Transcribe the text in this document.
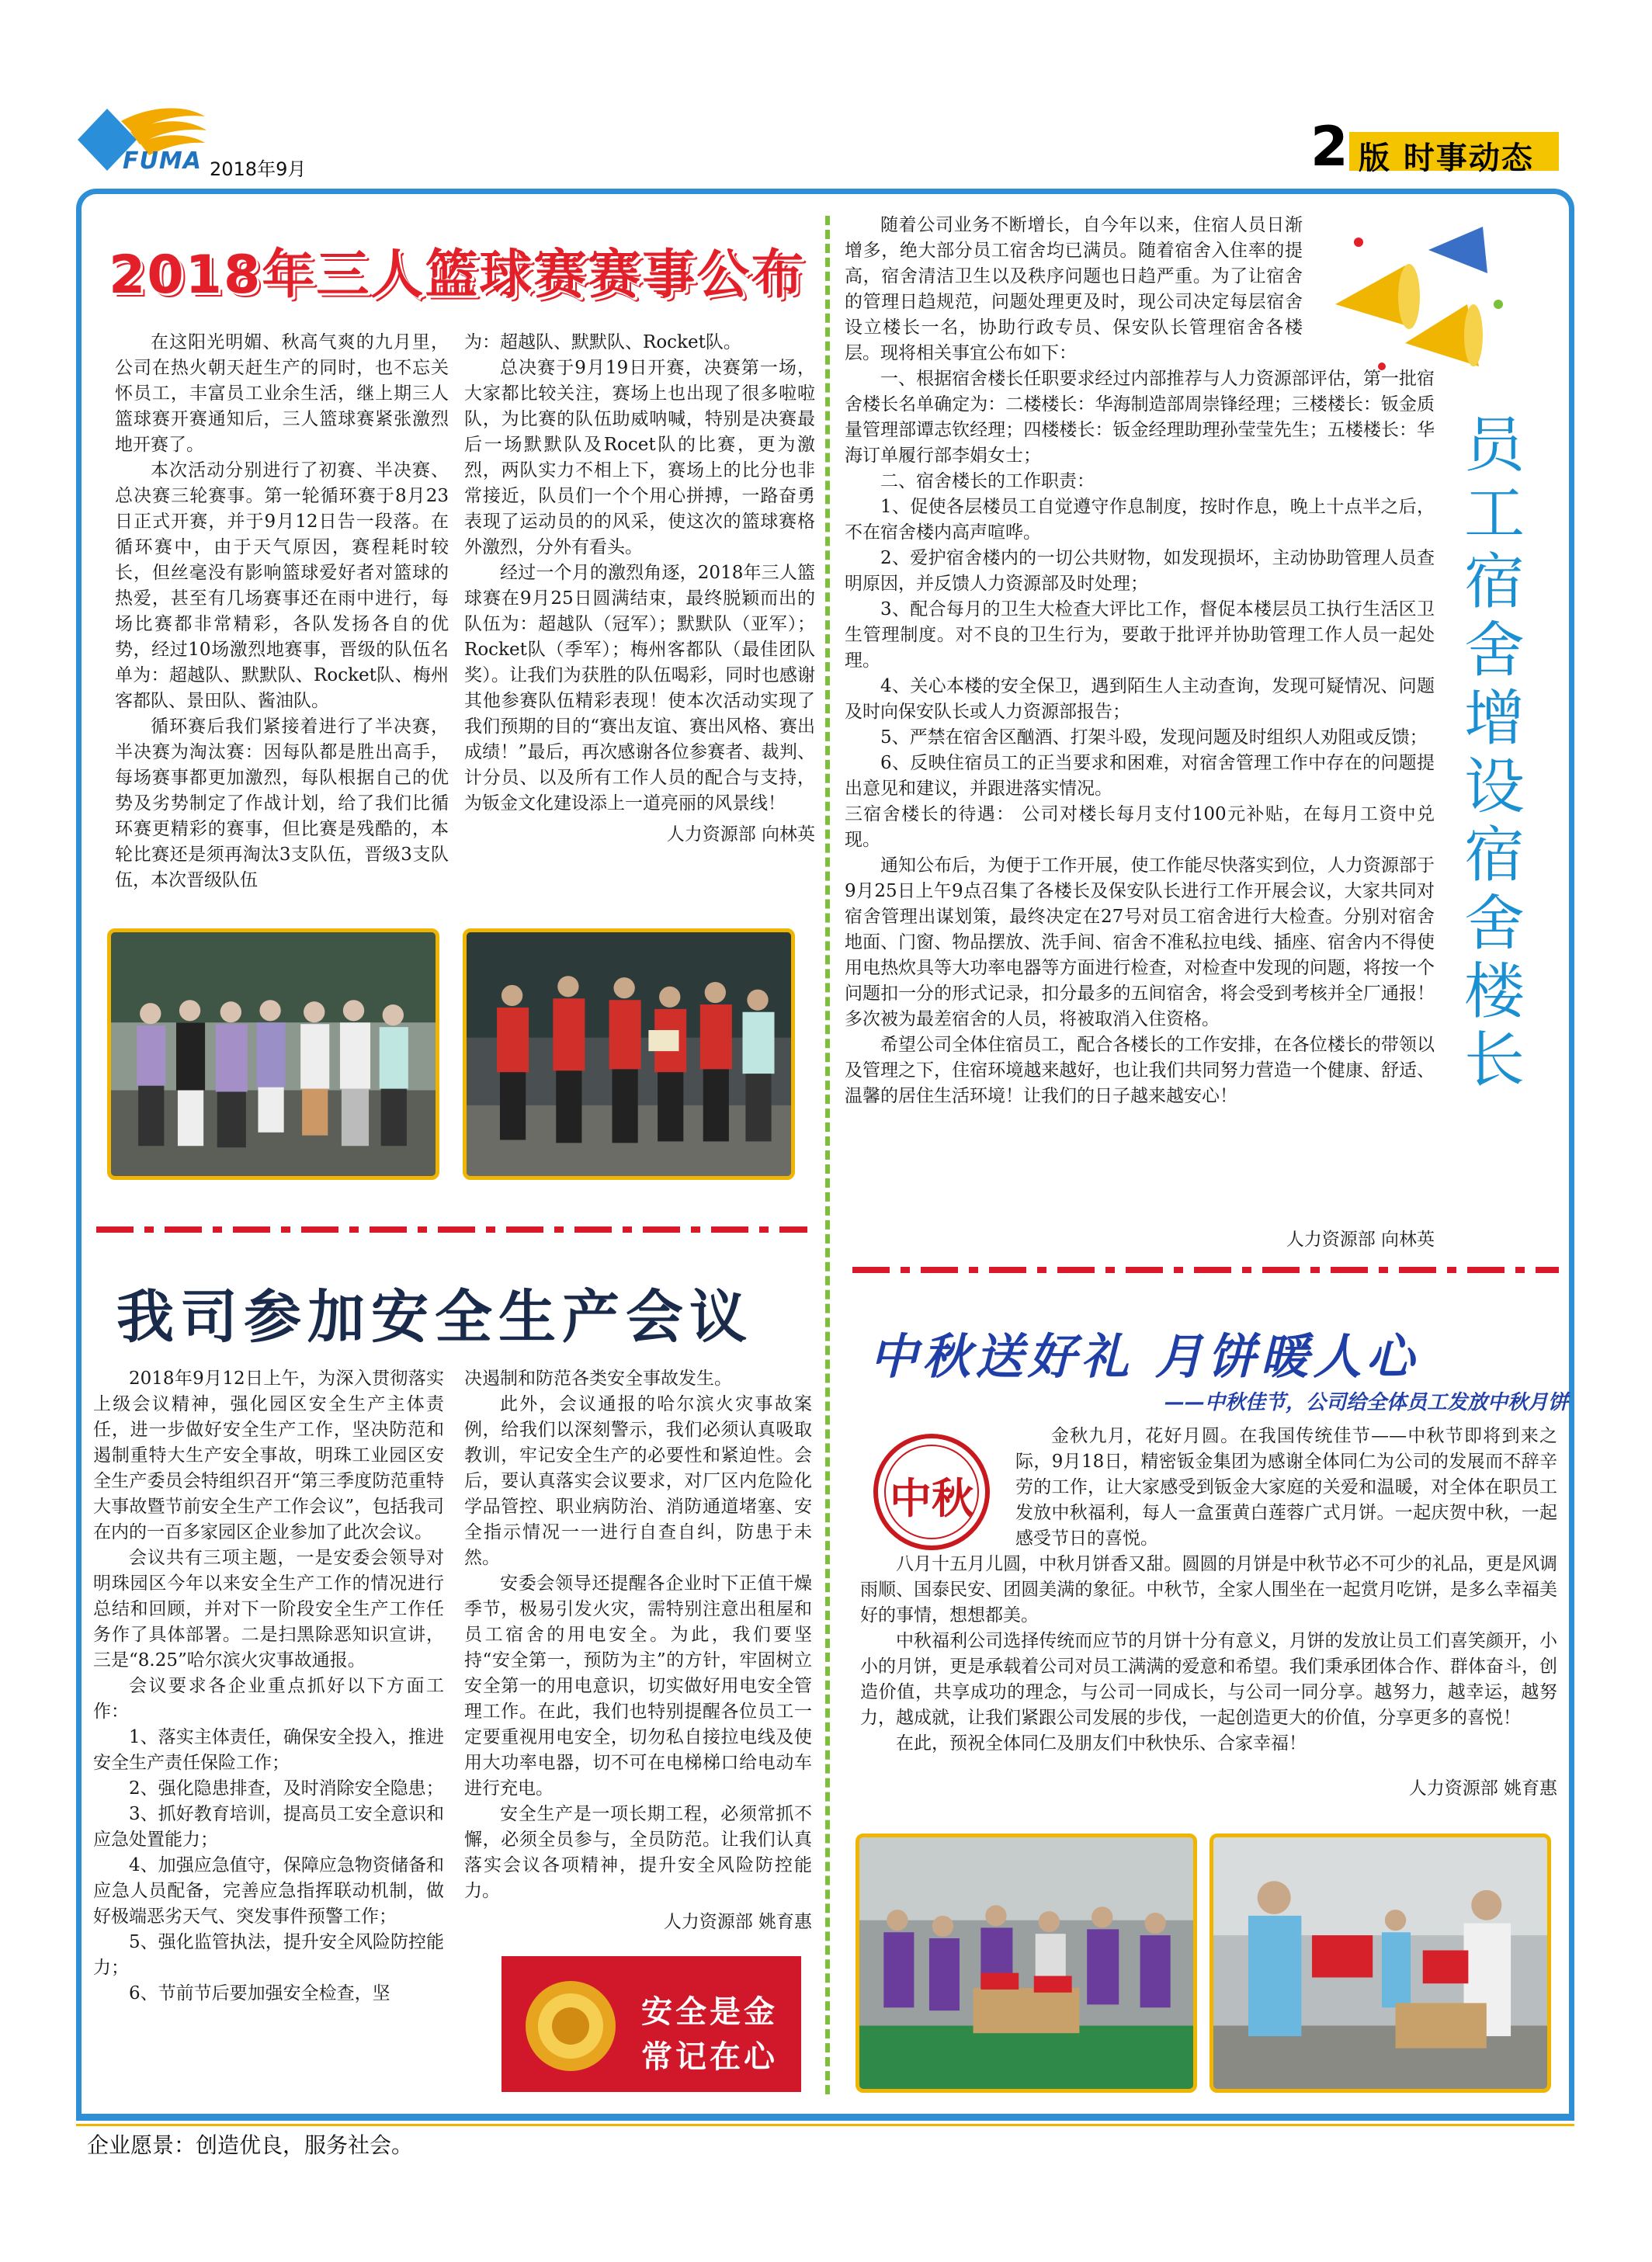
FUMA 2018年9月	2 版 时事动态
2018年三人篮球赛赛事公布

在这阳光明媚、秋高气爽的九月里，公司在热火朝天赶生产的同时，也不忘关怀员工，丰富员工业余生活，继上期三人篮球赛开赛通知后，三人篮球赛紧张激烈地开赛了。

本次活动分别进行了初赛、半决赛、总决赛三轮赛事。第一轮循环赛于8月23日正式开赛，并于9月12日告一段落。在循环赛中，由于天气原因，赛程耗时较长，但丝毫没有影响篮球爱好者对篮球的热爱，甚至有几场赛事还在雨中进行，每场比赛都非常精彩，各队发扬各自的优势，经过10场激烈地赛事，晋级的队伍名单为：超越队、默默队、Rocket队、梅州客都队、景田队、酱油队。

循环赛后我们紧接着进行了半决赛，半决赛为淘汰赛：因每队都是胜出高手，每场赛事都更加激烈，每队根据自己的优势及劣势制定了作战计划，给了我们比循环赛更精彩的赛事，但比赛是残酷的，本轮比赛还是须再淘汰3支队伍，晋级3支队伍，本次晋级队伍

为：超越队、默默队、Rocket队。

总决赛于9月19日开赛，决赛第一场，大家都比较关注，赛场上也出现了很多啦啦队，为比赛的队伍助威呐喊，特别是决赛最后一场默默队及Rocet队的比赛，更为激烈，两队实力不相上下，赛场上的比分也非常接近，队员们一个个用心拼搏，一路奋勇表现了运动员的的风采，使这次的篮球赛格外激烈，分外有看头。

经过一个月的激烈角逐，2018年三人篮球赛在9月25日圆满结束，最终脱颖而出的队伍为：超越队（冠军）；默默队（亚军）；Rocket队（季军）；梅州客都队（最佳团队奖）。让我们为获胜的队伍喝彩，同时也感谢其他参赛队伍精彩表现！使本次活动实现了我们预期的目的“赛出友谊、赛出风格、赛出成绩！”最后，再次感谢各位参赛者、裁判、计分员、以及所有工作人员的配合与支持，为钣金文化建设添上一道亮丽的风景线！

人力资源部 向林英

我司参加安全生产会议

2018年9月12日上午，为深入贯彻落实上级会议精神，强化园区安全生产主体责任，进一步做好安全生产工作，坚决防范和遏制重特大生产安全事故，明珠工业园区安全生产委员会特组织召开“第三季度防范重特大事故暨节前安全生产工作会议”，包括我司在内的一百多家园区企业参加了此次会议。

会议共有三项主题，一是安委会领导对明珠园区今年以来安全生产工作的情况进行总结和回顾，并对下一阶段安全生产工作任务作了具体部署。二是扫黑除恶知识宣讲，三是“8.25”哈尔滨火灾事故通报。

会议要求各企业重点抓好以下方面工作：

1、落实主体责任，确保安全投入，推进安全生产责任保险工作；

2、强化隐患排查，及时消除安全隐患；

3、抓好教育培训，提高员工安全意识和应急处置能力；

4、加强应急值守，保障应急物资储备和应急人员配备，完善应急指挥联动机制，做好极端恶劣天气、突发事件预警工作；

5、强化监管执法，提升安全风险防控能力；

6、节前节后要加强安全检查，坚

决遏制和防范各类安全事故发生。

此外，会议通报的哈尔滨火灾事故案例，给我们以深刻警示，我们必须认真吸取教训，牢记安全生产的必要性和紧迫性。会后，要认真落实会议要求，对厂区内危险化学品管控、职业病防治、消防通道堵塞、安全指示情况一一进行自查自纠，防患于未然。

安委会领导还提醒各企业时下正值干燥季节，极易引发火灾，需特别注意出租屋和员工宿舍的用电安全。为此，我们要坚持“安全第一，预防为主”的方针，牢固树立安全第一的用电意识，切实做好用电安全管理工作。在此，我们也特别提醒各位员工一定要重视用电安全，切勿私自接拉电线及使用大功率电器，切不可在电梯梯口给电动车进行充电。

安全生产是一项长期工程，必须常抓不懈，必须全员参与，全员防范。让我们认真落实会议各项精神，提升安全风险防控能力。

人力资源部 姚育惠

安全是金
常记在心

随着公司业务不断增长，自今年以来，住宿人员日渐增多，绝大部分员工宿舍均已满员。随着宿舍入住率的提高，宿舍清洁卫生以及秩序问题也日趋严重。为了让宿舍的管理日趋规范，问题处理更及时，现公司决定每层宿舍设立楼长一名，协助行政专员、保安队长管理宿舍各楼层。现将相关事宜公布如下：

一、根据宿舍楼长任职要求经过内部推荐与人力资源部评估，第一批宿舍楼长名单确定为：二楼楼长：华海制造部周崇锋经理；三楼楼长：钣金质量管理部谭志钦经理；四楼楼长：钣金经理助理孙莹莹先生；五楼楼长：华海订单履行部李娟女士；

二、宿舍楼长的工作职责：

1、促使各层楼员工自觉遵守作息制度，按时作息，晚上十点半之后，不在宿舍楼内高声喧哗。

2、爱护宿舍楼内的一切公共财物，如发现损坏，主动协助管理人员查明原因，并反馈人力资源部及时处理；

3、配合每月的卫生大检查大评比工作，督促本楼层员工执行生活区卫生管理制度。对不良的卫生行为，要敢于批评并协助管理工作人员一起处理。

4、关心本楼的安全保卫，遇到陌生人主动查询，发现可疑情况、问题及时向保安队长或人力资源部报告；

5、严禁在宿舍区酗酒、打架斗殴，发现问题及时组织人劝阻或反馈；

6、反映住宿员工的正当要求和困难，对宿舍管理工作中存在的问题提出意见和建议，并跟进落实情况。

三宿舍楼长的待遇： 公司对楼长每月支付100元补贴，在每月工资中兑现。

通知公布后，为便于工作开展，使工作能尽快落实到位，人力资源部于9月25日上午9点召集了各楼长及保安队长进行工作开展会议，大家共同对宿舍管理出谋划策，最终决定在27号对员工宿舍进行大检查。分别对宿舍地面、门窗、物品摆放、洗手间、宿舍不准私拉电线、插座、宿舍内不得使用电热炊具等大功率电器等方面进行检查，对检查中发现的问题，将按一个问题扣一分的形式记录，扣分最多的五间宿舍，将会受到考核并全厂通报！多次被为最差宿舍的人员，将被取消入住资格。

希望公司全体住宿员工，配合各楼长的工作安排，在各位楼长的带领以及管理之下，住宿环境越来越好，也让我们共同努力营造一个健康、舒适、温馨的居住生活环境！让我们的日子越来越安心！

员工宿舍增设宿舍楼长

人力资源部 向林英

中秋送好礼 月饼暖人心
——中秋佳节，公司给全体员工发放中秋月饼
中秋

金秋九月，花好月圆。在我国传统佳节——中秋节即将到来之际，9月18日，精密钣金集团为感谢全体同仁为公司的发展而不辞辛劳的工作，让大家感受到钣金大家庭的关爱和温暖，对全体在职员工发放中秋福利，每人一盒蛋黄白莲蓉广式月饼。一起庆贺中秋，一起感受节日的喜悦。

八月十五月儿圆，中秋月饼香又甜。圆圆的月饼是中秋节必不可少的礼品，更是风调雨顺、国泰民安、团圆美满的象征。中秋节，全家人围坐在一起赏月吃饼，是多么幸福美好的事情，想想都美。

中秋福利公司选择传统而应节的月饼十分有意义，月饼的发放让员工们喜笑颜开，小小的月饼，更是承载着公司对员工满满的爱意和希望。我们秉承团体合作、群体奋斗，创造价值，共享成功的理念，与公司一同成长，与公司一同分享。越努力，越幸运，越努力，越成就，让我们紧跟公司发展的步伐，一起创造更大的价值，分享更多的喜悦！

在此，预祝全体同仁及朋友们中秋快乐、合家幸福！

人力资源部 姚育惠

企业愿景：创造优良，服务社会。
